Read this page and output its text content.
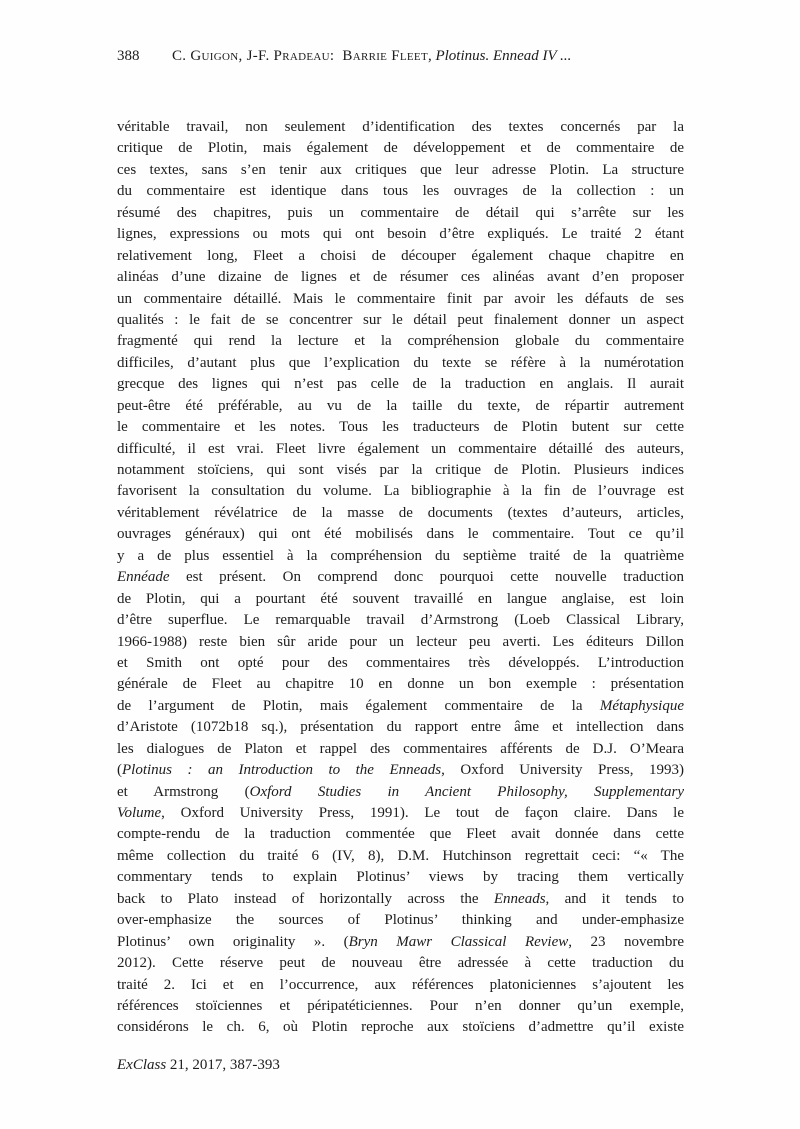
388 C. Guigon, J-F. Pradeau:  Barrie Fleet, Plotinus. Ennead IV ...
véritable travail, non seulement d’identification des textes concernés par la
critique de Plotin, mais également de développement et de commentaire de
ces textes, sans s’en tenir aux critiques que leur adresse Plotin. La structure
du commentaire est identique dans tous les ouvrages de la collection : un
résumé des chapitres, puis un commentaire de détail qui s’arrête sur les
lignes, expressions ou mots qui ont besoin d’être expliqués. Le traité 2 étant
relativement long, Fleet a choisi de découper également chaque chapitre en
alinéas d’une dizaine de lignes et de résumer ces alinéas avant d’en proposer
un commentaire détaillé. Mais le commentaire finit par avoir les défauts de ses
qualités : le fait de se concentrer sur le détail peut finalement donner un aspect
fragmenté qui rend la lecture et la compréhension globale du commentaire
difficiles, d’autant plus que l’explication du texte se réfère à la numérotation
grecque des lignes qui n’est pas celle de la traduction en anglais. Il aurait
peut-être été préférable, au vu de la taille du texte, de répartir autrement
le commentaire et les notes. Tous les traducteurs de Plotin butent sur cette
difficulté, il est vrai. Fleet livre également un commentaire détaillé des auteurs,
notamment stoïciens, qui sont visés par la critique de Plotin. Plusieurs indices
favorisent la consultation du volume. La bibliographie à la fin de l’ouvrage est
véritablement révélatrice de la masse de documents (textes d’auteurs, articles,
ouvrages généraux) qui ont été mobilisés dans le commentaire. Tout ce qu’il
y a de plus essentiel à la compréhension du septième traité de la quatrième
Ennéade est présent. On comprend donc pourquoi cette nouvelle traduction
de Plotin, qui a pourtant été souvent travaillé en langue anglaise, est loin
d’être superflue. Le remarquable travail d’Armstrong (Loeb Classical Library,
1966-1988) reste bien sûr aride pour un lecteur peu averti. Les éditeurs Dillon
et Smith ont opté pour des commentaires très développés. L’introduction
générale de Fleet au chapitre 10 en donne un bon exemple : présentation
de l’argument de Plotin, mais également commentaire de la Métaphysique
d’Aristote (1072b18 sq.), présentation du rapport entre âme et intellection dans
les dialogues de Platon et rappel des commentaires afférents de D.J. O’Meara
(Plotinus : an Introduction to the Enneads, Oxford University Press, 1993)
et Armstrong (Oxford Studies in Ancient Philosophy, Supplementary
Volume, Oxford University Press, 1991). Le tout de façon claire. Dans le
compte-rendu de la traduction commentée que Fleet avait donnée dans cette
même collection du traité 6 (IV, 8), D.M. Hutchinson regrettait ceci: “« The
commentary tends to explain Plotinus’ views by tracing them vertically
back to Plato instead of horizontally across the Enneads, and it tends to
over-emphasize the sources of Plotinus’ thinking and under-emphasize
Plotinus’ own originality ». (Bryn Mawr Classical Review, 23 novembre
2012). Cette réserve peut de nouveau être adressée à cette traduction du
traité 2. Ici et en l’occurrence, aux références platoniciennes s’ajoutent les
références stoïciennes et péripatéticiennes. Pour n’en donner qu’un exemple,
considérons le ch. 6, où Plotin reproche aux stoïciens d’admettre qu’il existe
ExClass 21, 2017, 387-393
